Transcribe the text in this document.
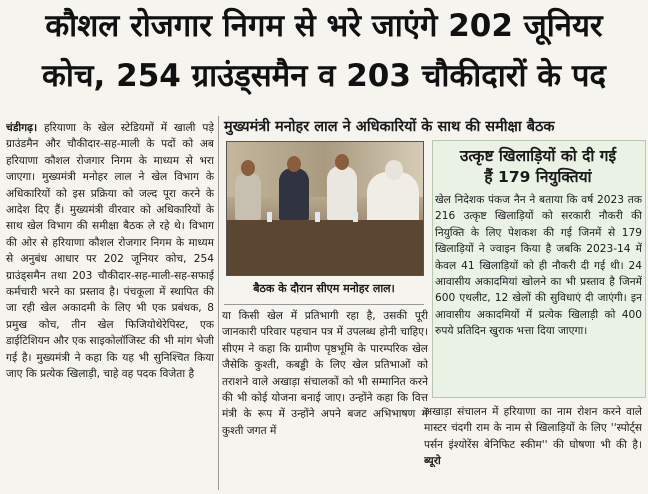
कौशल रोजगार निगम से भरे जाएंगे 202 जूनियर
कोच, 254 ग्राउंड्समैन व 203 चौकीदारों के पद

चंडीगढ़। हरियाणा के खेल स्टेडियमों में खाली पड़े ग्राउंडमैन और चौकीदार-सह-माली के पदों को अब हरियाणा कौशल रोजगार निगम के माध्यम से भरा जाएगा। मुख्यमंत्री मनोहर लाल ने खेल विभाग के अधिकारियों को इस प्रक्रिया को जल्द पूरा करने के आदेश दिए हैं। मुख्यमंत्री वीरवार को अधिकारियों के साथ खेल विभाग की समीक्षा बैठक ले रहे थे। विभाग की ओर से हरियाणा कौशल रोजगार निगम के माध्यम से अनुबंध आधार पर 202 जूनियर कोच, 254 ग्राउंड्समैन तथा 203 चौकीदार-सह-माली-सह-सफाई कर्मचारी भरने का प्रस्ताव है। पंचकूला में स्थापित की जा रही खेल अकादमी के लिए भी एक प्रबंधक, 8 प्रमुख कोच, तीन खेल फिजियोथेरेपिस्ट, एक डाईटिशियन और एक साइकोलॉजिस्ट की भी मांग भेजी गई है। मुख्यमंत्री ने कहा कि यह भी सुनिश्चित किया जाए कि प्रत्येक खिलाड़ी, चाहे वह पदक विजेता है

मुख्यमंत्री मनोहर लाल ने अधिकारियों के साथ की समीक्षा बैठक
बैठक के दौरान सीएम मनोहर लाल।

या किसी खेल में प्रतिभागी रहा है, उसकी पूरी जानकारी परिवार पहचान पत्र में उपलब्ध होनी चाहिए। सीएम ने कहा कि ग्रामीण पृष्ठभूमि के पारम्परिक खेल जैसेकि कुश्ती, कबड्डी के लिए खेल प्रतिभाओं को तराशने वाले अखाड़ा संचालकों को भी सम्मानित करने की भी कोई योजना बनाई जाए। उन्होंने कहा कि वित्त मंत्री के रूप में उन्होंने अपने बजट अभिभाषण में कुश्ती जगत में

उत्कृष्ट खिलाड़ियों को दी गई
हैं 179 नियुक्तियां

खेल निदेशक पंकज नैन ने बताया कि वर्ष 2023 तक 216 उत्कृष्ट खिलाड़ियों को सरकारी नौकरी की नियुक्ति के लिए पेशकश की गई जिनमें से 179 खिलाड़ियों ने ज्वाइन किया है जबकि 2023-14 में केवल 41 खिलाड़ियों को ही नौकरी दी गई थी। 24 आवासीय अकादमियां खोलने का भी प्रस्ताव है जिनमें 600 एथलीट, 12 खेलों की सुविधाएं दी जाएंगी। इन आवासीय अकादमियों में प्रत्येक खिलाड़ी को 400 रुपये प्रतिदिन खुराक भत्ता दिया जाएगा।

अखाड़ा संचालन में हरियाणा का नाम रोशन करने वाले मास्टर चंदगी राम के नाम से खिलाड़ियों के लिए ''स्पोर्ट्स पर्सन इंश्योरेंस बेनिफिट स्कीम'' की घोषणा भी की है। ब्यूरो
